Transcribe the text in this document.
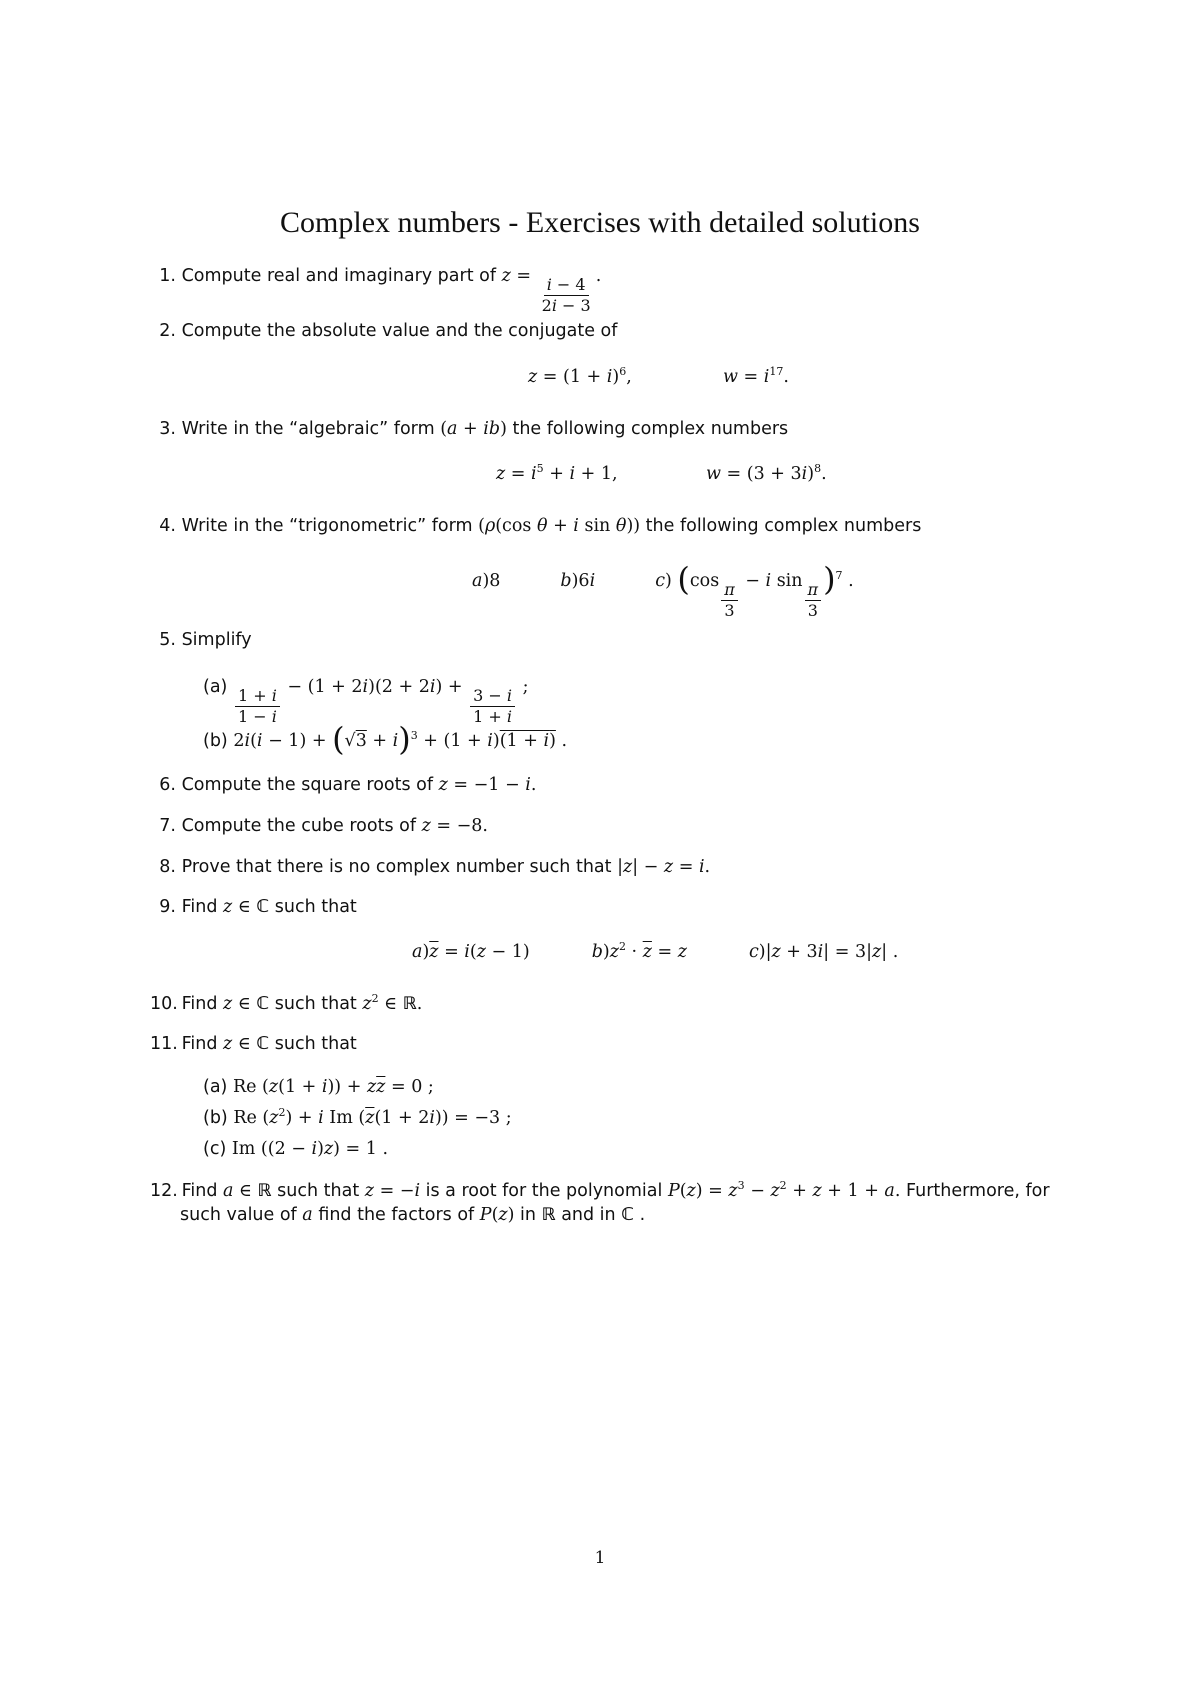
Complex numbers - Exercises with detailed solutions
1. Compute real and imaginary part of $z = \frac{i - 4}{2i - 3}$ .
2. Compute the absolute value and the conjugate of
$z = (1 + i)^6$,	$w = i^{17}$.
3. Write in the “algebraic” form (a + ib) the following complex numbers
$z = i^5 + i + 1$,	$w = (3 + 3i)^8$.
4. Write in the “trigonometric” form (ρ(cos θ + i sin θ)) the following complex numbers
a)8	b)6i	c) ($\cos \frac{\pi}{3} - i$ $\sin \frac{\pi}{3}$
)$^7$ .
5. Simplify
$(a) \frac{1 + i}{1 - i} - (1 + 2i)(2 + 2i) + \frac{3 - i}{1 + i}$ ;
(b) $2i(i - 1) + (√3 + i)^3 + (1 + i)(1 + i)$ .
6. Compute the square roots of z = −1 − i.
7. Compute the cube roots of z = −8.
8. Prove that there is no complex number such that |z| − z = i.
9. Find z ∈ ℂ such that
$a)\overline{z} = i(z - 1)$	$b)z^2 \cdot \overline{z} = z$	c)|z + 3i| = 3|z| .
10. Find z ∈ ℂ such that $z^2$ ∈ ℝ.
11. Find z ∈ ℂ such that
(a) Re $(z(1 + i)) + z\overline{z} = 0$ ;
(b) Re $(z^2) + i$ Im $(\overline{z}(1 + 2i)) = -3$ ;
(c) Im ((2 − i)z) = 1 .
12. Find a ∈ ℝ such that z = −i is a root for the polynomial $P(z) = z^3 - z^2 + z + 1 + a$. Furthermore, for
such value of a find the factors of P(z) in ℝ and in ℂ .
1
